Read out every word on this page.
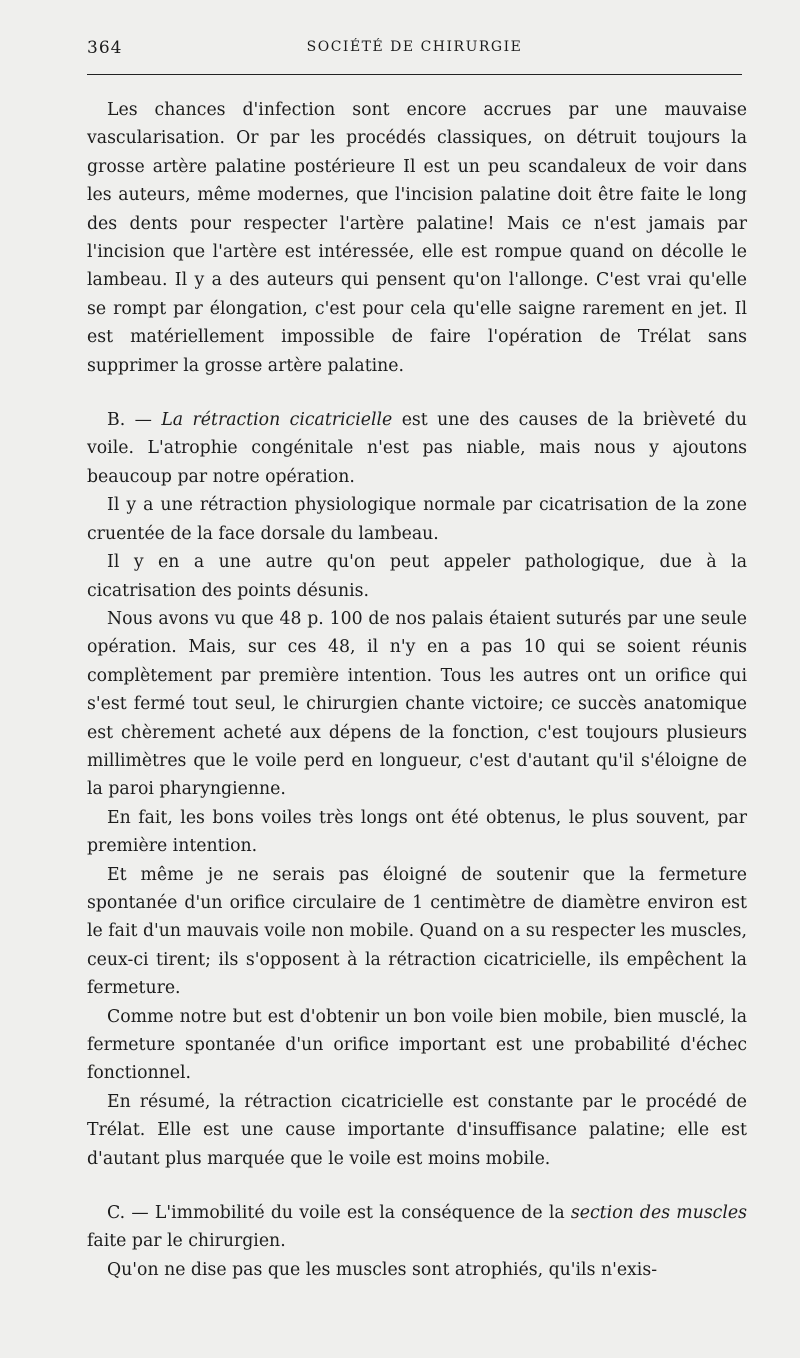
364	SOCIÉTÉ DE CHIRURGIE

Les chances d'infection sont encore accrues par une mauvaise vascularisation. Or par les procédés classiques, on détruit toujours la grosse artère palatine postérieure Il est un peu scandaleux de voir dans les auteurs, même modernes, que l'incision palatine doit être faite le long des dents pour respecter l'artère palatine! Mais ce n'est jamais par l'incision que l'artère est intéressée, elle est rompue quand on décolle le lambeau. Il y a des auteurs qui pensent qu'on l'allonge. C'est vrai qu'elle se rompt par élongation, c'est pour cela qu'elle saigne rarement en jet. Il est matériellement impossible de faire l'opération de Trélat sans supprimer la grosse artère palatine.

B. — La rétraction cicatricielle est une des causes de la brièveté du voile. L'atrophie congénitale n'est pas niable, mais nous y ajoutons beaucoup par notre opération.

Il y a une rétraction physiologique normale par cicatrisation de la zone cruentée de la face dorsale du lambeau.

Il y en a une autre qu'on peut appeler pathologique, due à la cicatrisation des points désunis.

Nous avons vu que 48 p. 100 de nos palais étaient suturés par une seule opération. Mais, sur ces 48, il n'y en a pas 10 qui se soient réunis complètement par première intention. Tous les autres ont un orifice qui s'est fermé tout seul, le chirurgien chante victoire; ce succès anatomique est chèrement acheté aux dépens de la fonction, c'est toujours plusieurs millimètres que le voile perd en longueur, c'est d'autant qu'il s'éloigne de la paroi pharyngienne.

En fait, les bons voiles très longs ont été obtenus, le plus souvent, par première intention.

Et même je ne serais pas éloigné de soutenir que la fermeture spontanée d'un orifice circulaire de 1 centimètre de diamètre environ est le fait d'un mauvais voile non mobile. Quand on a su respecter les muscles, ceux-ci tirent; ils s'opposent à la rétraction cicatricielle, ils empêchent la fermeture.

Comme notre but est d'obtenir un bon voile bien mobile, bien musclé, la fermeture spontanée d'un orifice important est une probabilité d'échec fonctionnel.

En résumé, la rétraction cicatricielle est constante par le procédé de Trélat. Elle est une cause importante d'insuffisance palatine; elle est d'autant plus marquée que le voile est moins mobile.

C. — L'immobilité du voile est la conséquence de la section des muscles faite par le chirurgien.

Qu'on ne dise pas que les muscles sont atrophiés, qu'ils n'exis-
